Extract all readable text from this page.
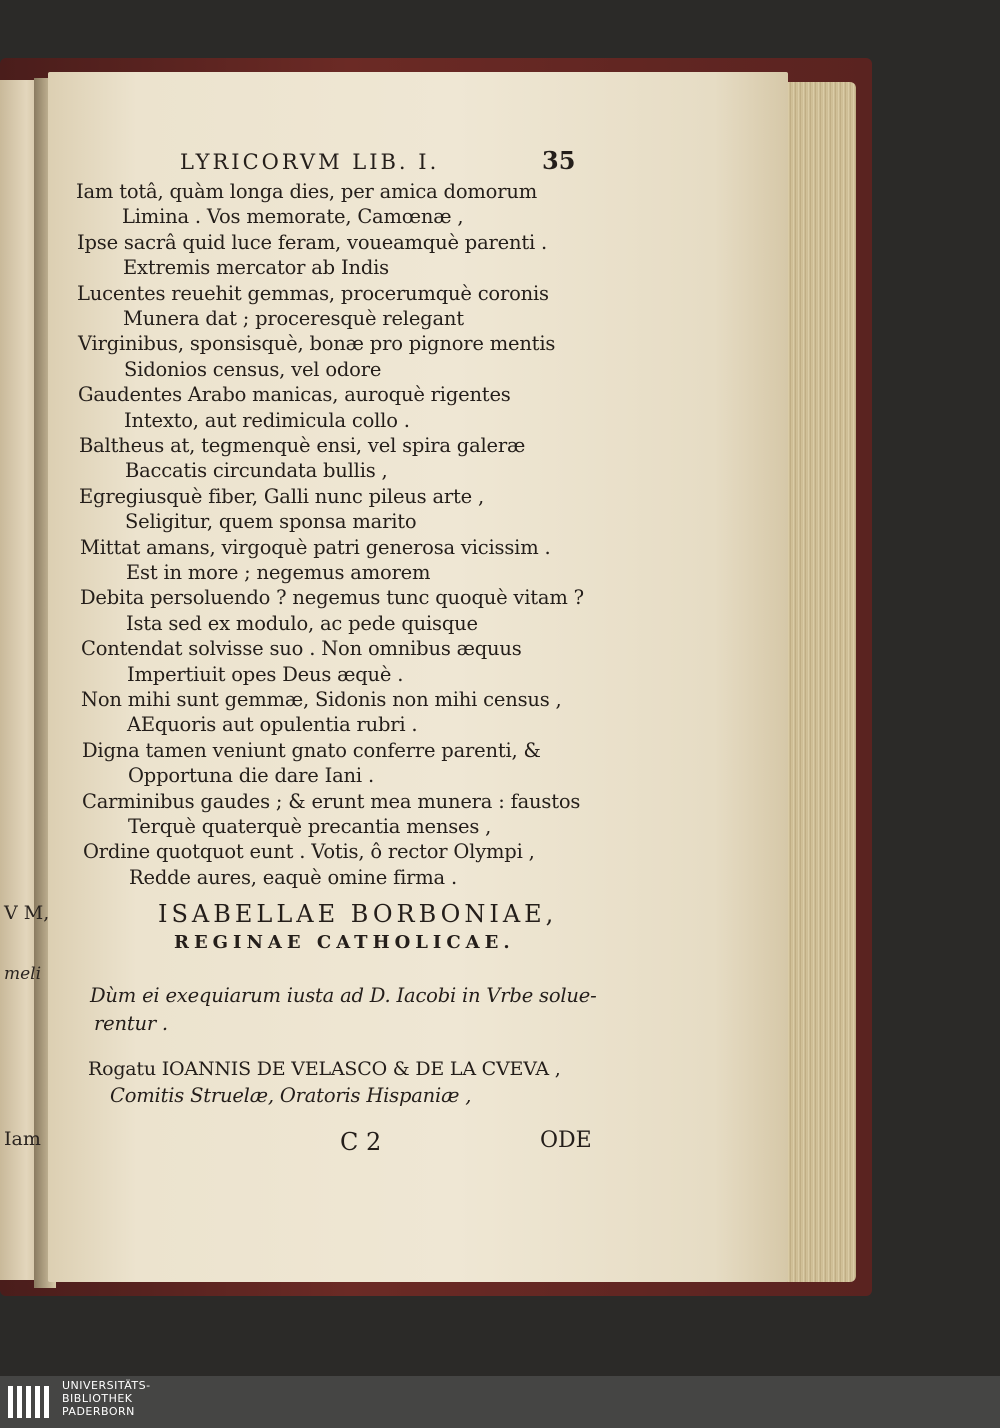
V M,
meli
Iam
LYRICORVM LIB. I.	35
Iam totâ, quàm longa dies, per amica domorum
Limina . Vos memorate, Camœnæ ,
Ipse sacrâ quid luce feram, voueamquè parenti .
Extremis mercator ab Indis
Lucentes reuehit gemmas, procerumquè coronis
Munera dat ; proceresquè relegant
Virginibus, sponsisquè, bonæ pro pignore mentis
Sidonios census, vel odore
Gaudentes Arabo manicas, auroquè rigentes
Intexto, aut redimicula collo .
Baltheus at, tegmenquè ensi, vel spira galeræ
Baccatis circundata bullis ,
Egregiusquè fiber, Galli nunc pileus arte ,
Seligitur, quem sponsa marito
Mittat amans, virgoquè patri generosa vicissim .
Est in more ; negemus amorem
Debita persoluendo ? negemus tunc quoquè vitam ?
Ista sed ex modulo, ac pede quisque
Contendat solvisse suo . Non omnibus æquus
Impertiuit opes Deus æquè .
Non mihi sunt gemmæ, Sidonis non mihi census ,
AEquoris aut opulentia rubri .
Digna tamen veniunt gnato conferre parenti, &
Opportuna die dare Iani .
Carminibus gaudes ; & erunt mea munera : faustos
Terquè quaterquè precantia menses ,
Ordine quotquot eunt . Votis, ô rector Olympi ,
Redde aures, eaquè omine firma .
ISABELLAE BORBONIAE,
REGINAE CATHOLICAE.
Dùm ei exequiarum iusta ad D. Iacobi in Vrbe solue-
rentur .
Rogatu IOANNIS DE VELASCO & DE LA CVEVA ,
Comitis Struelæ, Oratoris Hispaniæ ,
C 2	ODE
UNIVERSITÄTS-
BIBLIOTHEK
PADERBORN
